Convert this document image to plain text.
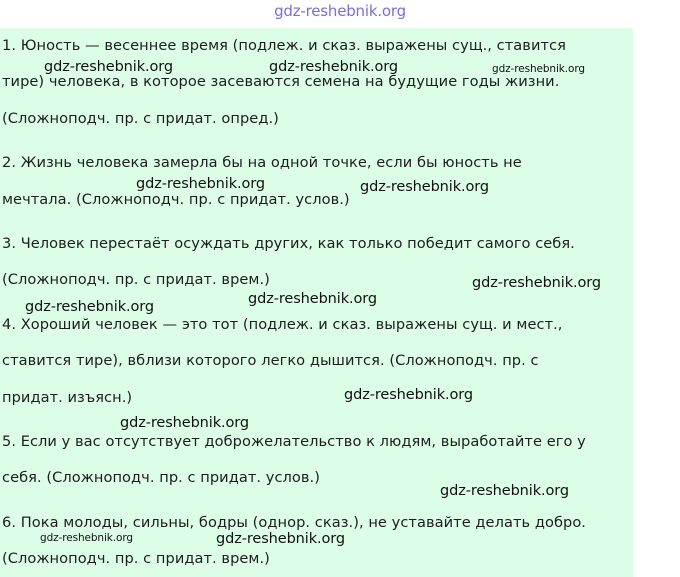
gdz-reshebnik.org
1. Юность — весеннее время (подлеж. и сказ. выражены сущ., ставится
тире) человека, в которое засеваются семена на будущие годы жизни.
(Сложноподч. пр. с придат. опред.)
2. Жизнь человека замерла бы на одной точке, если бы юность не
мечтала. (Сложноподч. пр. с придат. услов.)
3. Человек перестаёт осуждать других, как только победит самого себя.
(Сложноподч. пр. с придат. врем.)
4. Хороший человек — это тот (подлеж. и сказ. выражены сущ. и мест.,
ставится тире), вблизи которого легко дышится. (Сложноподч. пр. с
придат. изъясн.)
5. Если у вас отсутствует доброжелательство к людям, выработайте его у
себя. (Сложноподч. пр. с придат. услов.)
6. Пока молоды, сильны, бодры (однор. сказ.), не уставайте делать добро.
(Сложноподч. пр. с придат. врем.)
gdz-reshebnik.org	gdz-reshebnik.org	gdz-reshebnik.org
gdz-reshebnik.org	gdz-reshebnik.org
gdz-reshebnik.org
gdz-reshebnik.org
gdz-reshebnik.org
gdz-reshebnik.org
gdz-reshebnik.org
gdz-reshebnik.org
gdz-reshebnik.org	gdz-reshebnik.org
